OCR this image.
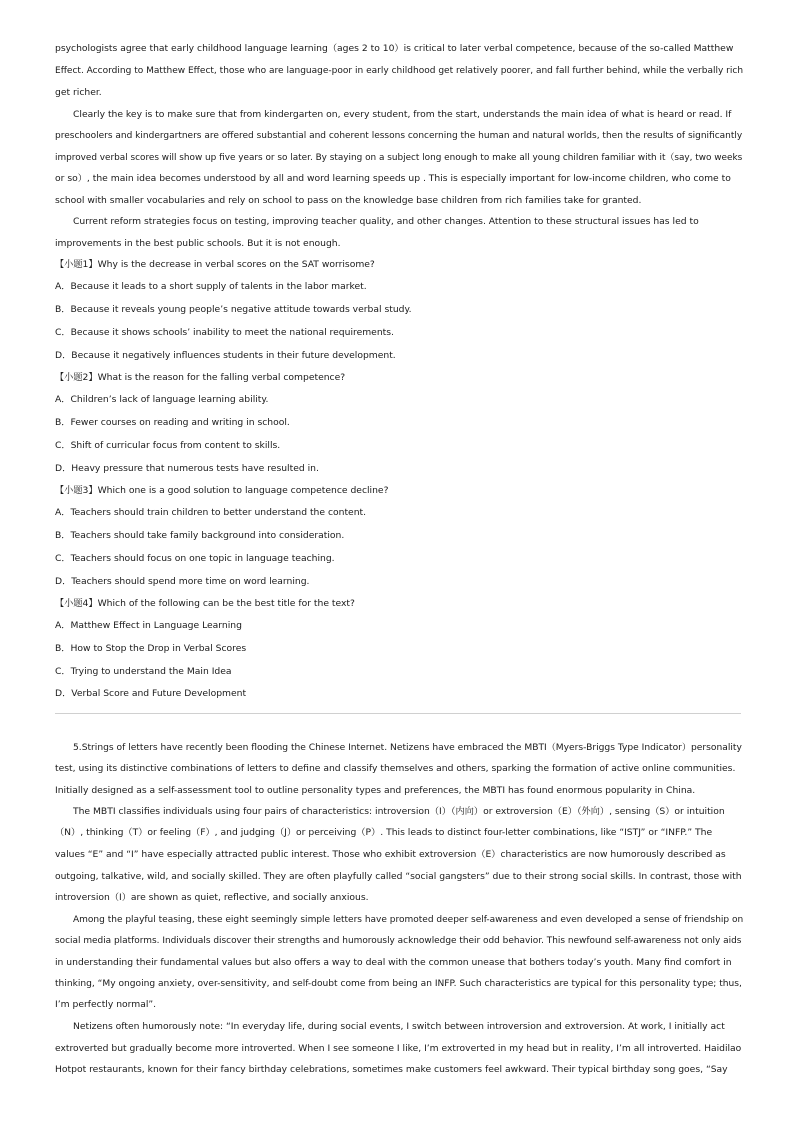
psychologists agree that early childhood language learning（ages 2 to 10）is critical to later verbal competence, because of the so-called Matthew
Effect. According to Matthew Effect, those who are language-poor in early childhood get relatively poorer, and fall further behind, while the verbally rich
get richer.
Clearly the key is to make sure that from kindergarten on, every student, from the start, understands the main idea of what is heard or read. If
preschoolers and kindergartners are offered substantial and coherent lessons concerning the human and natural worlds, then the results of significantly
improved verbal scores will show up five years or so later. By staying on a subject long enough to make all young children familiar with it（say, two weeks
or so）, the main idea becomes understood by all and word learning speeds up . This is especially important for low-income children, who come to
school with smaller vocabularies and rely on school to pass on the knowledge base children from rich families take for granted.
Current reform strategies focus on testing, improving teacher quality, and other changes. Attention to these structural issues has led to
improvements in the best public schools. But it is not enough.
【小题1】Why is the decrease in verbal scores on the SAT worrisome?
A．Because it leads to a short supply of talents in the labor market.
B．Because it reveals young people’s negative attitude towards verbal study.
C．Because it shows schools’ inability to meet the national requirements.
D．Because it negatively influences students in their future development.
【小题2】What is the reason for the falling verbal competence?
A．Children’s lack of language learning ability.
B．Fewer courses on reading and writing in school.
C．Shift of curricular focus from content to skills.
D．Heavy pressure that numerous tests have resulted in.
【小题3】Which one is a good solution to language competence decline?
A．Teachers should train children to better understand the content.
B．Teachers should take family background into consideration.
C．Teachers should focus on one topic in language teaching.
D．Teachers should spend more time on word learning.
【小题4】Which of the following can be the best title for the text?
A．Matthew Effect in Language Learning
B．How to Stop the Drop in Verbal Scores
C．Trying to understand the Main Idea
D．Verbal Score and Future Development
5.Strings of letters have recently been flooding the Chinese Internet. Netizens have embraced the MBTI（Myers-Briggs Type Indicator）personality
test, using its distinctive combinations of letters to define and classify themselves and others, sparking the formation of active online communities.
Initially designed as a self-assessment tool to outline personality types and preferences, the MBTI has found enormous popularity in China.
The MBTI classifies individuals using four pairs of characteristics: introversion（I）（内向）or extroversion（E）（外向）, sensing（S）or intuition
（N）, thinking（T）or feeling（F）, and judging（J）or perceiving（P）. This leads to distinct four-letter combinations, like “ISTJ” or “INFP.” The
values “E” and “I” have especially attracted public interest. Those who exhibit extroversion（E）characteristics are now humorously described as
outgoing, talkative, wild, and socially skilled. They are often playfully called “social gangsters” due to their strong social skills. In contrast, those with
introversion（I）are shown as quiet, reflective, and socially anxious.
Among the playful teasing, these eight seemingly simple letters have promoted deeper self-awareness and even developed a sense of friendship on
social media platforms. Individuals discover their strengths and humorously acknowledge their odd behavior. This newfound self-awareness not only aids
in understanding their fundamental values but also offers a way to deal with the common unease that bothers today’s youth. Many find comfort in
thinking, “My ongoing anxiety, over-sensitivity, and self-doubt come from being an INFP. Such characteristics are typical for this personality type; thus,
I’m perfectly normal”.
Netizens often humorously note: “In everyday life, during social events, I switch between introversion and extroversion. At work, I initially act
extroverted but gradually become more introverted. When I see someone I like, I’m extroverted in my head but in reality, I’m all introverted. Haidilao
Hotpot restaurants, known for their fancy birthday celebrations, sometimes make customers feel awkward. Their typical birthday song goes, “Say
